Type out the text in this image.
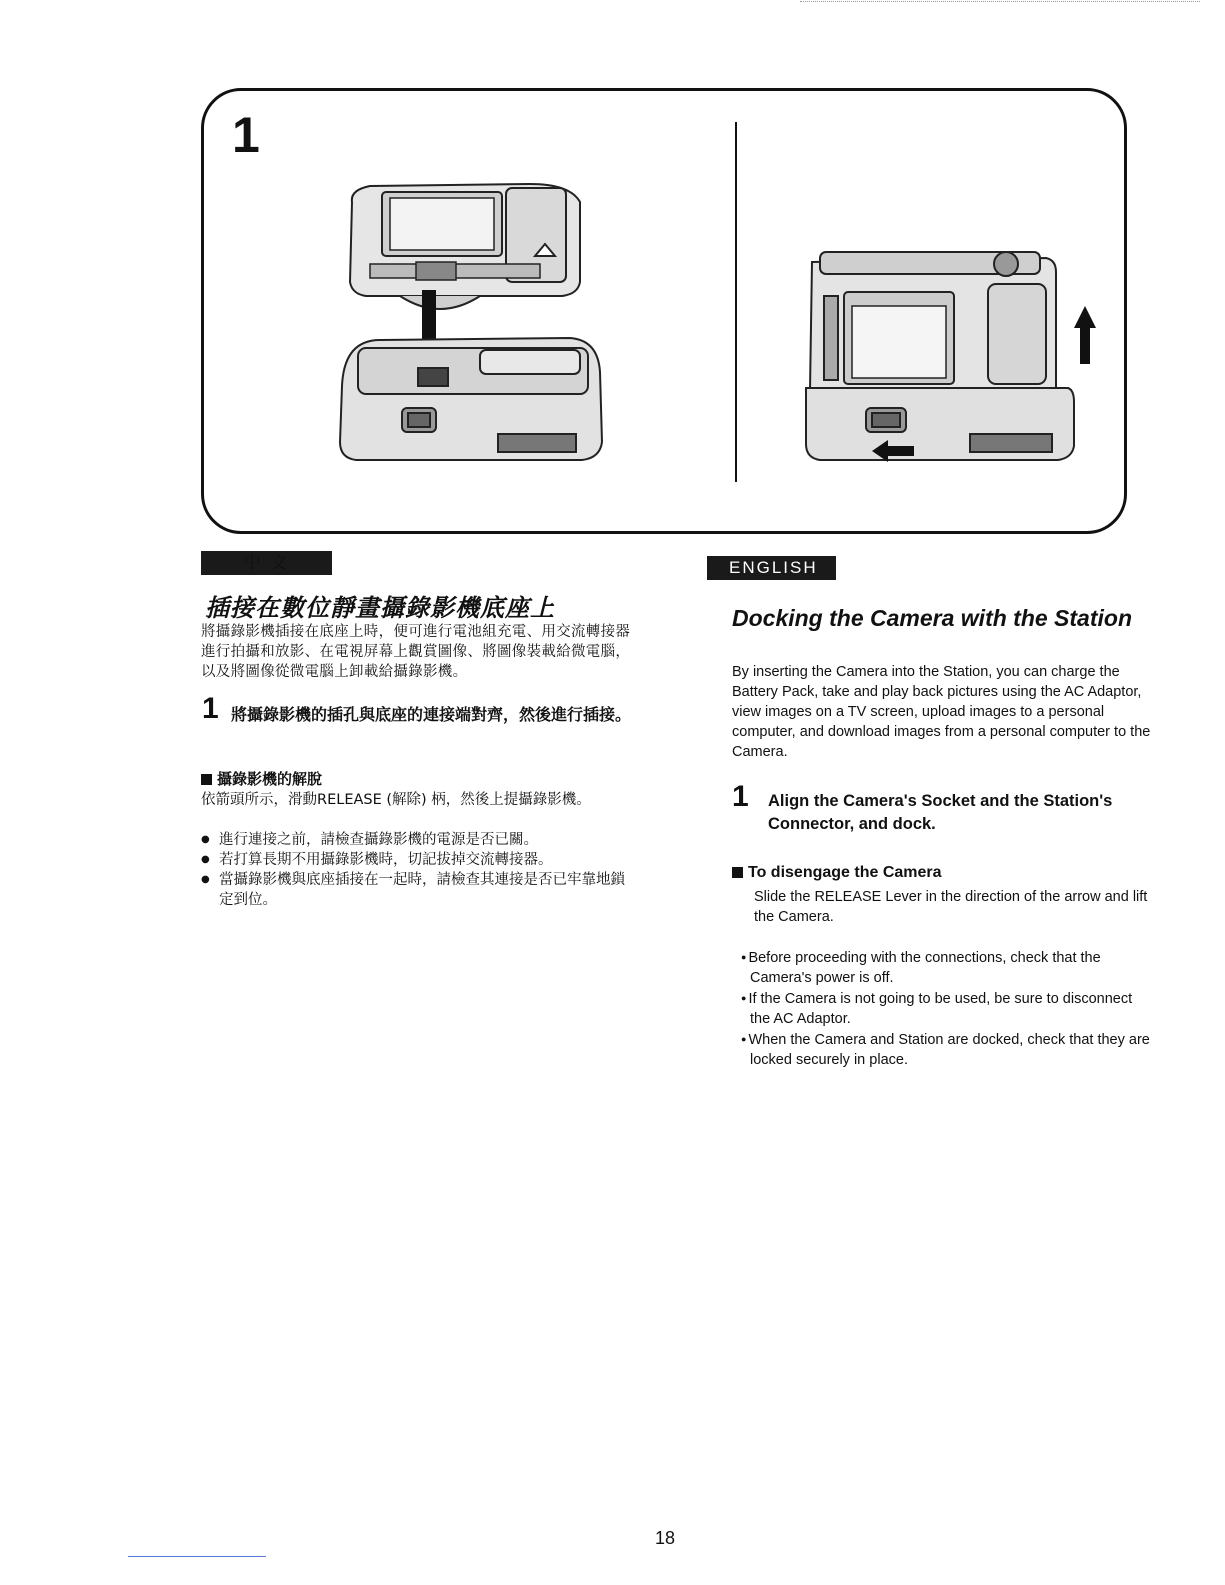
1
中 文
插接在數位靜畫攝錄影機底座上
將攝錄影機插接在底座上時，便可進行電池組充電、用交流轉接器進行拍攝和放影、在電視屏幕上觀賞圖像、將圖像裝載給微電腦，以及將圖像從微電腦上卸載給攝錄影機。
1 將攝錄影機的插孔與底座的連接端對齊，然後進行插接。
攝錄影機的解脫
依箭頭所示，滑動RELEASE (解除) 柄，然後上提攝錄影機。
● 進行連接之前，請檢查攝錄影機的電源是否已關。
● 若打算長期不用攝錄影機時，切記拔掉交流轉接器。
● 當攝錄影機與底座插接在一起時，請檢查其連接是否已牢靠地鎖定到位。
ENGLISH
Docking the Camera with the Station
By inserting the Camera into the Station, you can charge the Battery Pack, take and play back pictures using the AC Adaptor, view images on a TV screen, upload images to a personal computer, and download images from a personal computer to the Camera.
1 Align the Camera's Socket and the Station's Connector, and dock.
To disengage the Camera
Slide the RELEASE Lever in the direction of the arrow and lift the Camera.
● Before proceeding with the connections, check that the Camera's power is off.
● If the Camera is not going to be used, be sure to disconnect the AC Adaptor.
● When the Camera and Station are docked, check that they are locked securely in place.
18
